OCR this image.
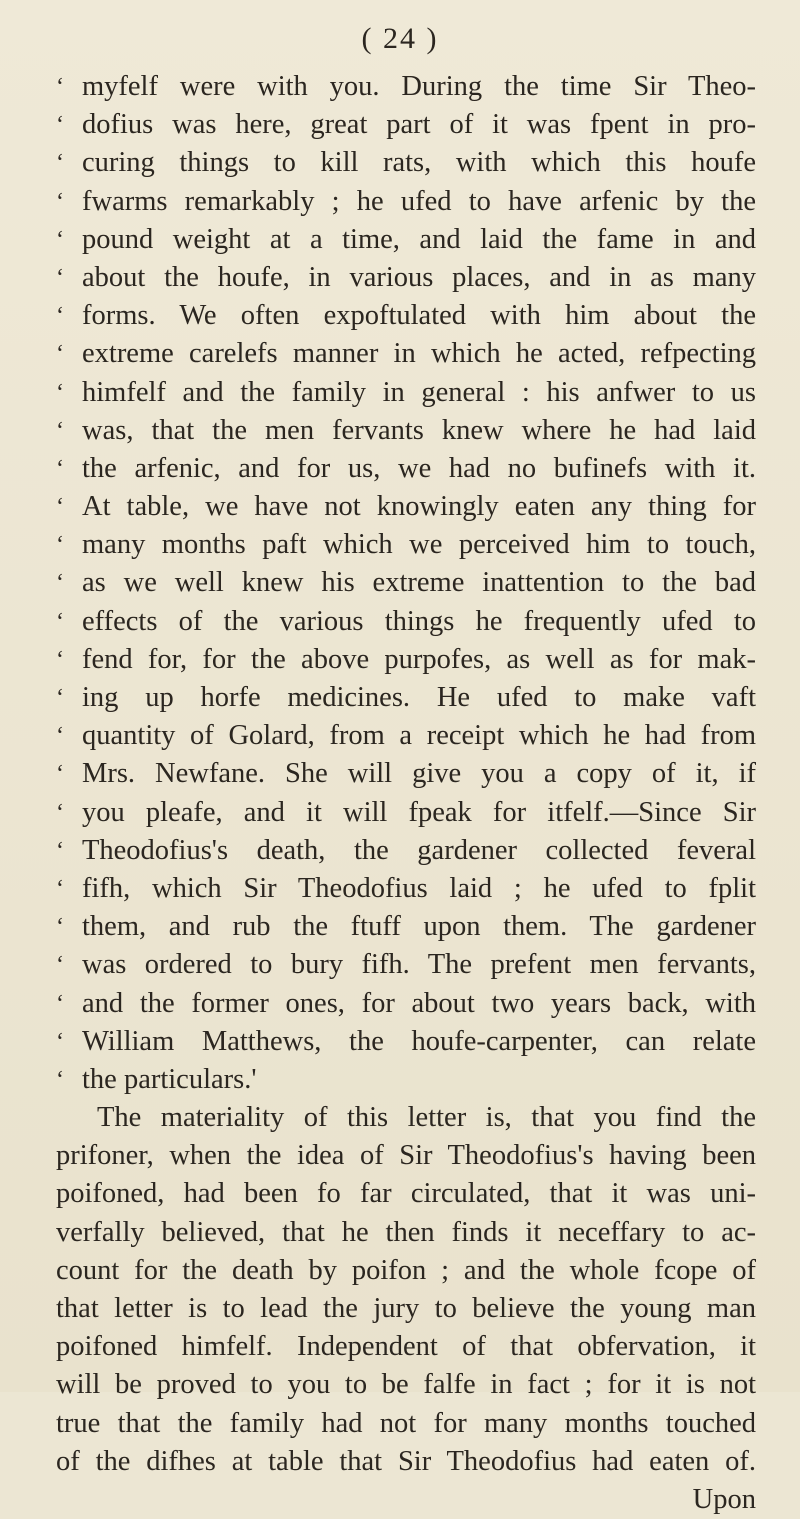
( 24 )
‘ myfelf were with you. During the time Sir Theo-
‘ dofius was here, great part of it was fpent in pro-
‘ curing things to kill rats, with which this houfe
‘ fwarms remarkably ; he ufed to have arfenic by the
‘ pound weight at a time, and laid the fame in and
‘ about the houfe, in various places, and in as many
‘ forms. We often expoftulated with him about the
‘ extreme carelefs manner in which he acted, refpecting
‘ himfelf and the family in general : his anfwer to us
‘ was, that the men fervants knew where he had laid
‘ the arfenic, and for us, we had no bufinefs with it.
‘ At table, we have not knowingly eaten any thing for
‘ many months paft which we perceived him to touch,
‘ as we well knew his extreme inattention to the bad
‘ effects of the various things he frequently ufed to
‘ fend for, for the above purpofes, as well as for mak-
‘ ing up horfe medicines. He ufed to make vaft
‘ quantity of Golard, from a receipt which he had from
‘ Mrs. Newfane. She will give you a copy of it, if
‘ you pleafe, and it will fpeak for itfelf.—Since Sir
‘ Theodofius's death, the gardener collected feveral
‘ fifh, which Sir Theodofius laid ; he ufed to fplit
‘ them, and rub the ftuff upon them. The gardener
‘ was ordered to bury fifh. The prefent men fervants,
‘ and the former ones, for about two years back, with
‘ William Matthews, the houfe-carpenter, can relate
‘ the particulars.'
The materiality of this letter is, that you find the
prifoner, when the idea of Sir Theodofius's having been
poifoned, had been fo far circulated, that it was uni-
verfally believed, that he then finds it neceffary to ac-
count for the death by poifon ; and the whole fcope of
that letter is to lead the jury to believe the young man
poifoned himfelf. Independent of that obfervation, it
will be proved to you to be falfe in fact ; for it is not
true that the family had not for many months touched
of the difhes at table that Sir Theodofius had eaten of.
Upon
